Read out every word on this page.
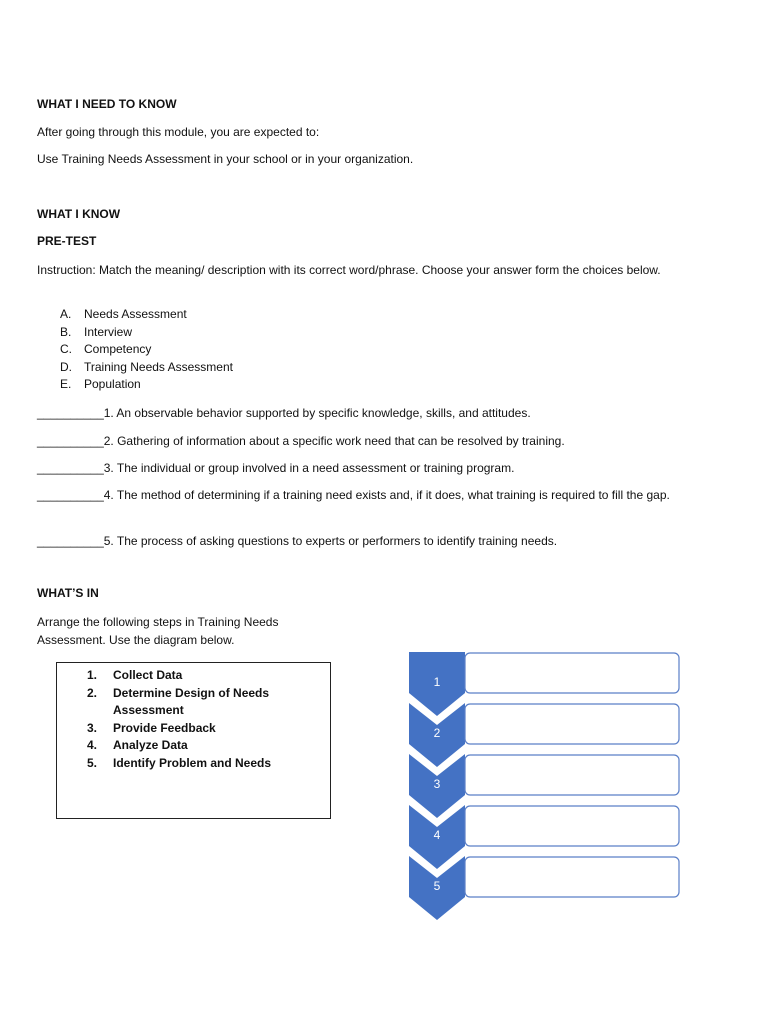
WHAT I NEED TO KNOW
After going through this module, you are expected to:
Use Training Needs Assessment in your school or in your organization.
WHAT I KNOW
PRE-TEST
Instruction: Match the meaning/ description with its correct word/phrase. Choose your answer form the choices below.
A. Needs Assessment
B. Interview
C. Competency
D. Training Needs Assessment
E. Population
__________1. An observable behavior supported by specific knowledge, skills, and attitudes.
__________2. Gathering of information about a specific work need that can be resolved by training.
__________3. The individual or group involved in a need assessment or training program.
__________4. The method of determining if a training need exists and, if it does, what training is required to fill the gap.
__________5. The process of asking questions to experts or performers to identify training needs.
WHAT’S IN
Arrange the following steps in Training Needs Assessment. Use the diagram below.
1. Collect Data
2. Determine Design of Needs Assessment
3. Provide Feedback
4. Analyze Data
5. Identify Problem and Needs
1
2
3
4
5
